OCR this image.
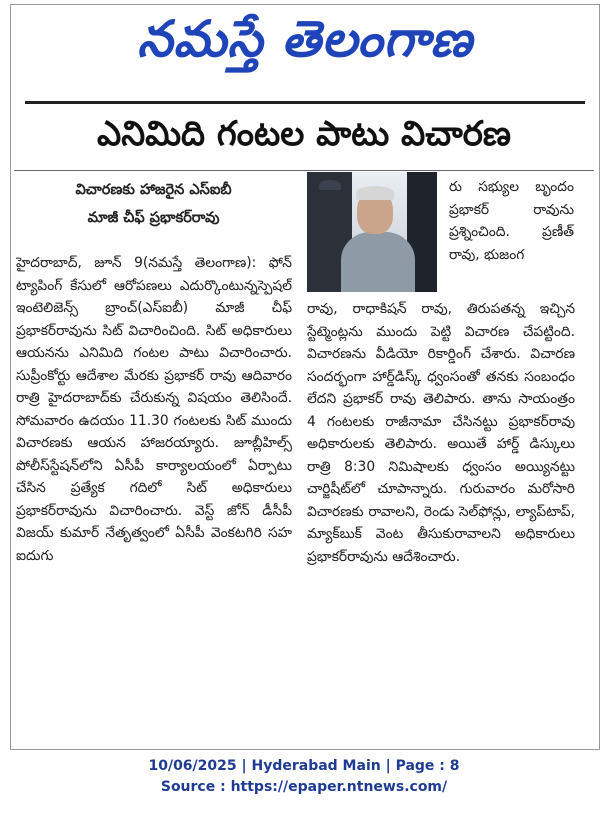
నమస్తే తెలంగాణ
ఎనిమిది గంటల పాటు విచారణ
విచారణకు హాజరైన ఎస్ఐబీ
మాజీ చీఫ్ ప్రభాకర్‌రావు

హైదరాబాద్, జూన్ 9(నమస్తే తెలంగాణ): ఫోన్ ట్యాపింగ్ కేసులో ఆరోపణలు ఎదుర్కొంటున్నస్పెషల్ ఇంటెలిజెన్స్ బ్రాంచ్(ఎస్ఐబీ) మాజీ చీఫ్ ప్రభాకర్‌రావును సిట్ విచారించింది. సిట్ అధికారులు ఆయనను ఎనిమిది గంటల పాటు విచారించారు. సుప్రీంకోర్టు ఆదేశాల మేరకు ప్రభాకర్ రావు ఆదివారం రాత్రి హైదరాబాద్‌కు చేరుకున్న విషయం తెలిసిందే. సోమవారం ఉదయం 11.30 గంటలకు సిట్ ముందు విచారణకు ఆయన హాజరయ్యారు. జూబ్లీహిల్స్ పోలీస్‌స్టేషన్‌లోని ఏసీపీ కార్యాలయంలో ఏర్పాటు చేసిన ప్రత్యేక గదిలో సిట్ అధికారులు ప్రభాకర్‌రావును విచారించారు. వెస్ట్ జోన్ డీసీపీ విజయ్ కుమార్ నేతృత్వంలో ఏసీపీ వెంకటగిరి సహ ఐదుగు

రు సభ్యుల బృందం ప్రభాకర్ రావును ప్రశ్నించింది. ప్రణీత్ రావు, భుజంగ

రావు, రాధాకిషన్ రావు, తిరుపతన్న ఇచ్చిన స్టేట్మెంట్లను ముందు పెట్టి విచారణ చేపట్టింది. విచారణను వీడియో రికార్డింగ్ చేశారు. విచారణ సందర్భంగా హార్డ్‌డిస్క్ ధ్వంసంతో తనకు సంబంధం లేదని ప్రభాకర్ రావు తెలిపారు. తాను సాయంత్రం 4 గంటలకు రాజీనామా చేసినట్టు ప్రభాకర్‌రావు అధికారులకు తెలిపారు. అయితే హార్డ్ డిస్కులు రాత్రి 8:30 నిమిషాలకు ధ్వంసం అయ్యినట్టు చార్జిషీట్‌లో చూపాన్నారు. గురువారం మరోసారి విచారణకు రావాలని, రెండు సెల్‌ఫోన్లు, ల్యాప్‌టాప్, మ్యాక్‌బుక్ వెంట తీసుకురావాలని అధికారులు ప్రభాకర్‌రావును ఆదేశించారు.

10/06/2025 | Hyderabad Main | Page : 8
Source : https://epaper.ntnews.com/
